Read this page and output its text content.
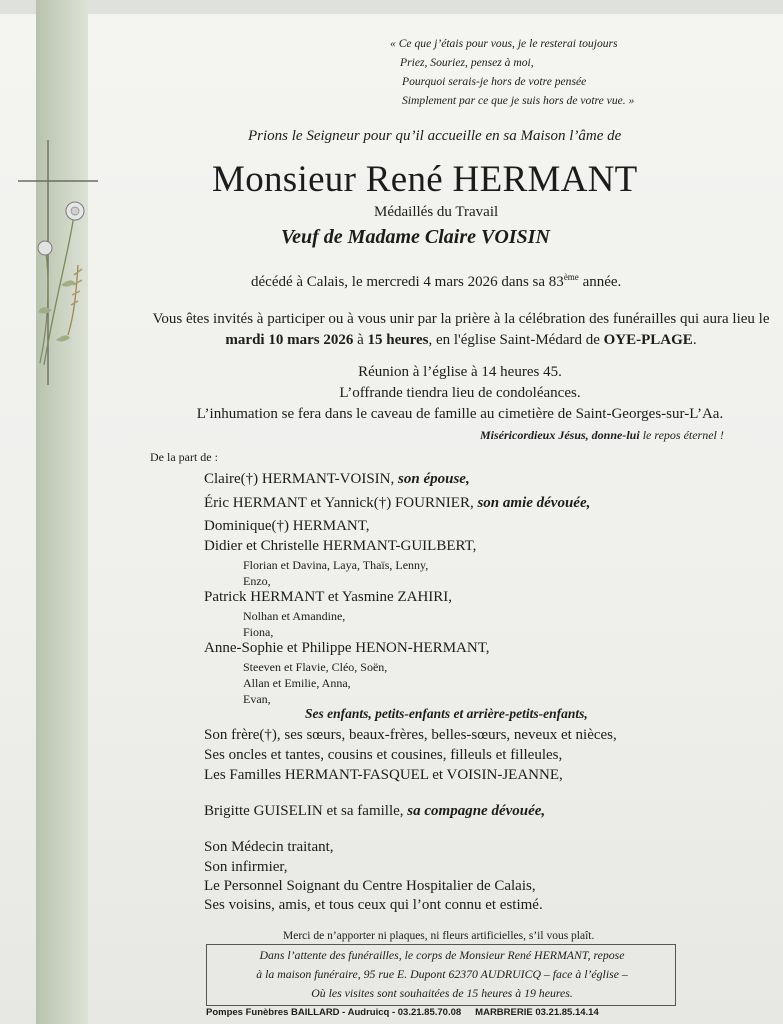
« Ce que j’étais pour vous, je le resterai toujours
Priez, Souriez, pensez à moi,
Pourquoi serais-je hors de votre pensée
Simplement par ce que je suis hors de votre vue. »
Prions le Seigneur pour qu’il accueille en sa Maison l’âme de
Monsieur René HERMANT
Médaillés du Travail
Veuf de Madame Claire VOISIN
décédé à Calais, le mercredi 4 mars 2026 dans sa 83ème année.
Vous êtes invités à participer ou à vous unir par la prière à la célébration des funérailles qui aura lieu le mardi 10 mars 2026 à 15 heures, en l'église Saint-Médard de OYE-PLAGE.
Réunion à l’église à 14 heures 45.
L’offrande tiendra lieu de condoléances.
L’inhumation se fera dans le caveau de famille au cimetière de Saint-Georges-sur-L’Aa.
Miséricordieux Jésus, donne-lui le repos éternel !
De la part de :
Claire(†) HERMANT-VOISIN, son épouse,
Éric HERMANT et Yannick(†) FOURNIER, son amie dévouée,
Dominique(†) HERMANT,
Didier et Christelle HERMANT-GUILBERT,
Florian et Davina, Laya, Thaïs, Lenny,
Enzo,
Patrick HERMANT et Yasmine ZAHIRI,
Nolhan et Amandine,
Fiona,
Anne-Sophie et Philippe HENON-HERMANT,
Steeven et Flavie, Cléo, Soën,
Allan et Emilie, Anna,
Evan,
Ses enfants, petits-enfants et arrière-petits-enfants,
Son frère(†), ses sœurs, beaux-frères, belles-sœurs, neveux et nièces,
Ses oncles et tantes, cousins et cousines, filleuls et filleules,
Les Familles HERMANT-FASQUEL et VOISIN-JEANNE,
Brigitte GUISELIN et sa famille, sa compagne dévouée,
Son Médecin traitant,
Son infirmier,
Le Personnel Soignant du Centre Hospitalier de Calais,
Ses voisins, amis, et tous ceux qui l’ont connu et estimé.
Merci de n’apporter ni plaques, ni fleurs artificielles, s’il vous plaît.
Dans l’attente des funérailles, le corps de Monsieur René HERMANT, repose
à la maison funéraire, 95 rue E. Dupont 62370 AUDRUICQ – face à l’église –
Où les visites sont souhaitées de 15 heures à 19 heures.
Pompes Funèbres BAILLARD - Audruicq - 03.21.85.70.08 MARBRERIE 03.21.85.14.14
